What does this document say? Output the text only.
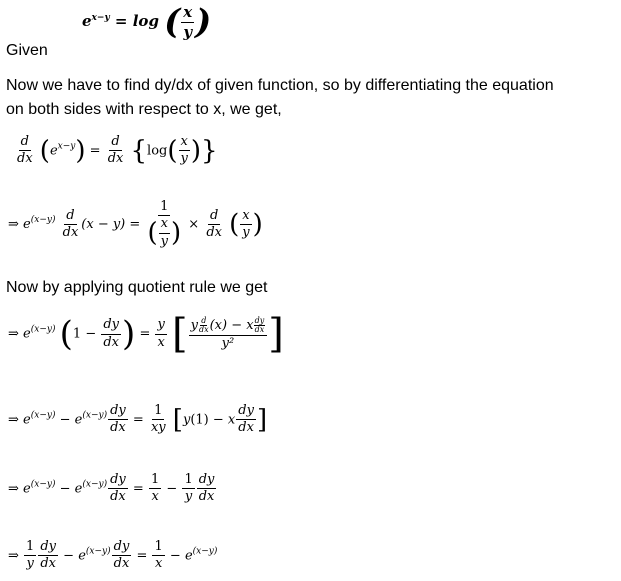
$e^{x-y} = \log$ ( $\frac{x}{y}$ )
Given
Now we have to find dy/dx of given function, so by differentiating the equation
on both sides with respect to x, we get,
$\frac{d}{dx} (e^{x-y}) = \frac{d}{dx} \{\log( \frac{x}{y}$ )}
⇒ $e^{(x-y)} \frac{d}{dx} (x - y) = \frac{1}{( \frac{x}{y} )} \times \frac{d}{dx}$ ( $\frac{x}{y}$ )
Now by applying quotient rule we get
⇒ $e^{(x-y)}$ ($1 - \frac{dy}{dx}$ ) = $\frac{y}{x}$ [ $\frac{y \frac{d}{dx} (x) - x \frac{dy}{dx}}{\text{y²}}$ ]
⇒ $e^{(x-y)} - e^{(x-y)} \frac{dy}{dx} = \frac{1}{xy} [y(1) - x \frac{dy}{dx}$ ]
⇒ $e^{(x-y)} - e^{(x-y)} \frac{dy}{dx} = \frac{1}{x} - \frac{1}{y} \frac{dy}{dx}$
⇒ $\frac{1}{y} \frac{dy}{dx} - e^{(x-y)} \frac{dy}{dx} = \frac{1}{x} - e^{(x-y)}$
